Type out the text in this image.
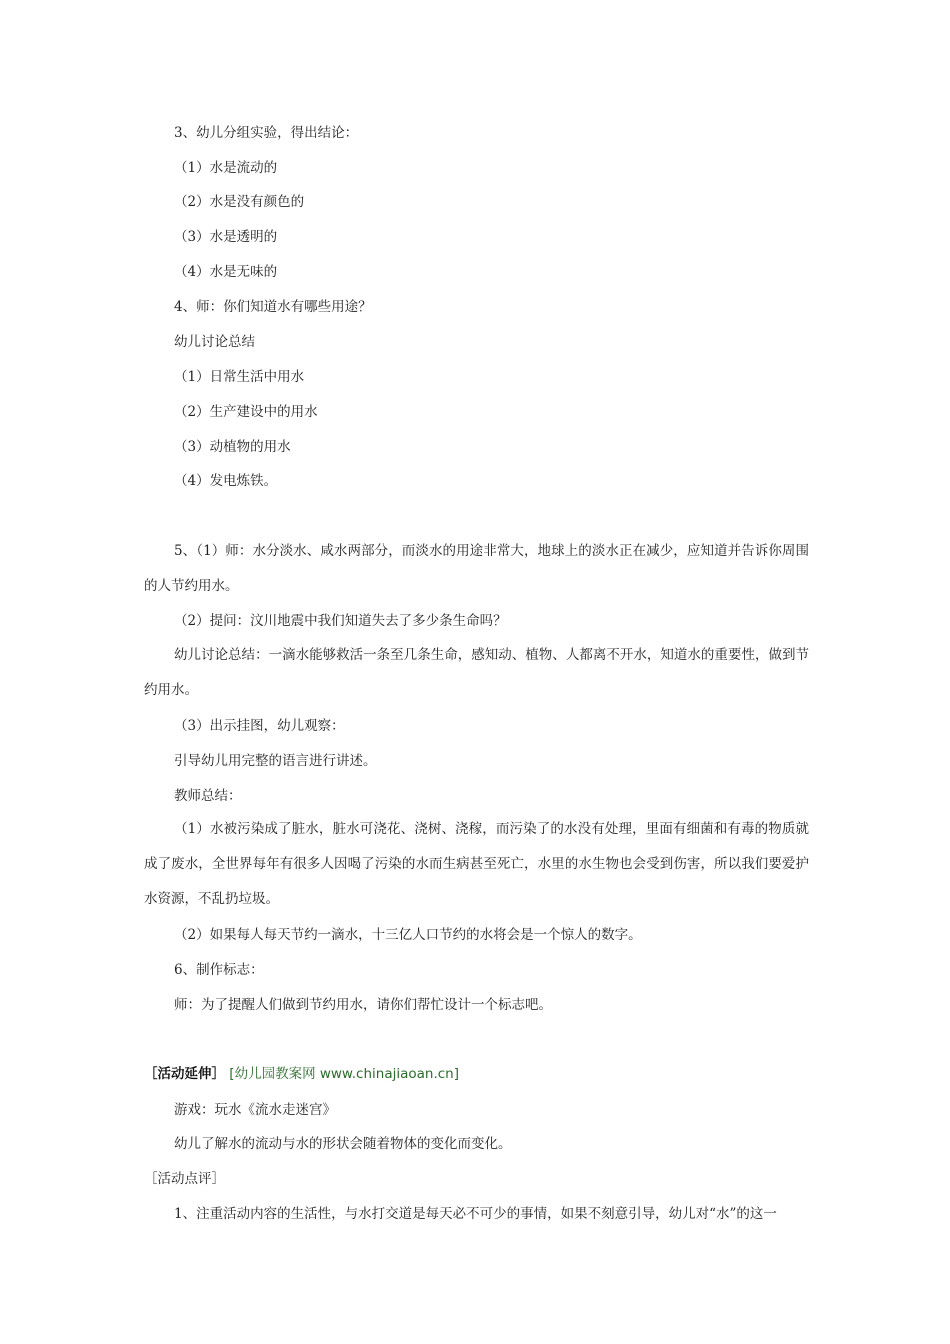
3、幼儿分组实验，得出结论：
（1）水是流动的
（2）水是没有颜色的
（3）水是透明的
（4）水是无味的
4、师：你们知道水有哪些用途？
幼儿讨论总结
（1）日常生活中用水
（2）生产建设中的用水
（3）动植物的用水
（4）发电炼铁。
5、（1）师：水分淡水、咸水两部分，而淡水的用途非常大，地球上的淡水正在减少，应知道并告诉你周围的人节约用水。
（2）提问：汶川地震中我们知道失去了多少条生命吗？
幼儿讨论总结：一滴水能够救活一条至几条生命，感知动、植物、人都离不开水，知道水的重要性，做到节约用水。
（3）出示挂图，幼儿观察：
引导幼儿用完整的语言进行讲述。
教师总结：
（1）水被污染成了脏水，脏水可浇花、浇树、浇稼，而污染了的水没有处理，里面有细菌和有毒的物质就成了废水，全世界每年有很多人因喝了污染的水而生病甚至死亡，水里的水生物也会受到伤害，所以我们要爱护水资源，不乱扔垃圾。
（2）如果每人每天节约一滴水，十三亿人口节约的水将会是一个惊人的数字。
6、制作标志：
师：为了提醒人们做到节约用水，请你们帮忙设计一个标志吧。
［活动延伸］ [幼儿园教案网 www.chinajiaoan.cn]
游戏：玩水《流水走迷宫》
幼儿了解水的流动与水的形状会随着物体的变化而变化。
［活动点评］
1、注重活动内容的生活性，与水打交道是每天必不可少的事情，如果不刻意引导，幼儿对“水”的这一
